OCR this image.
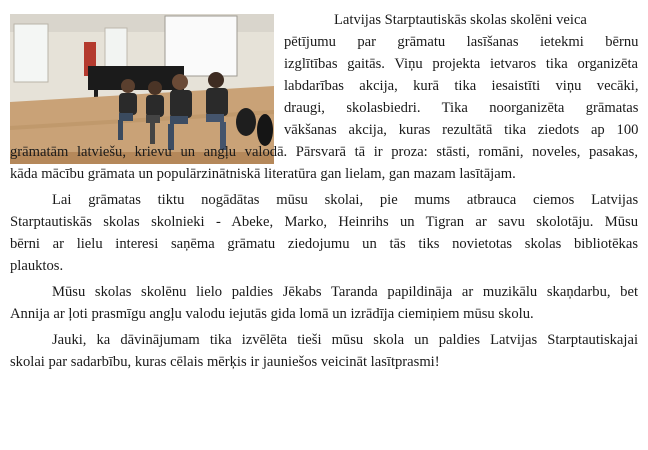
Latvijas Starptautiskās skolas skolēni veica
pētījumu par grāmatu lasīšanas ietekmi bērnu
izglītības gaitās. Viņu projekta ietvaros tika organizēta
labdarības akcija, kurā tika iesaistīti viņu vecāki,
draugi, skolasbiedri. Tika noorganizēta grāmatas
vākšanas akcija, kuras rezultātā tika ziedots ap 100
grāmatām latviešu, krievu un angļu valodā. Pārsvarā tā ir proza: stāsti, romāni, noveles, pasakas,
kāda mācību grāmata un populārzinātniskā literatūra gan lielam, gan mazam lasītājam.
Lai grāmatas tiktu nogādātas mūsu skolai, pie mums atbrauca ciemos Latvijas
Starptautiskās skolas skolnieki - Abeke, Marko, Heinrihs un Tigran ar savu skolotāju. Mūsu
bērni ar lielu interesi saņēma grāmatu ziedojumu un tās tiks novietotas skolas bibliotēkas
plauktos.
Mūsu skolas skolēnu lielo paldies Jēkabs Taranda papildināja ar muzikālu skaņdarbu, bet
Annija ar ļoti prasmīgu angļu valodu iejutās gida lomā un izrādīja ciemiņiem mūsu skolu.
Jauki, ka dāvinājumam tika izvēlēta tieši mūsu skola un paldies Latvijas Starptautiskajai
skolai par sadarbību, kuras cēlais mērķis ir jauniešos veicināt lasītprasmi!
